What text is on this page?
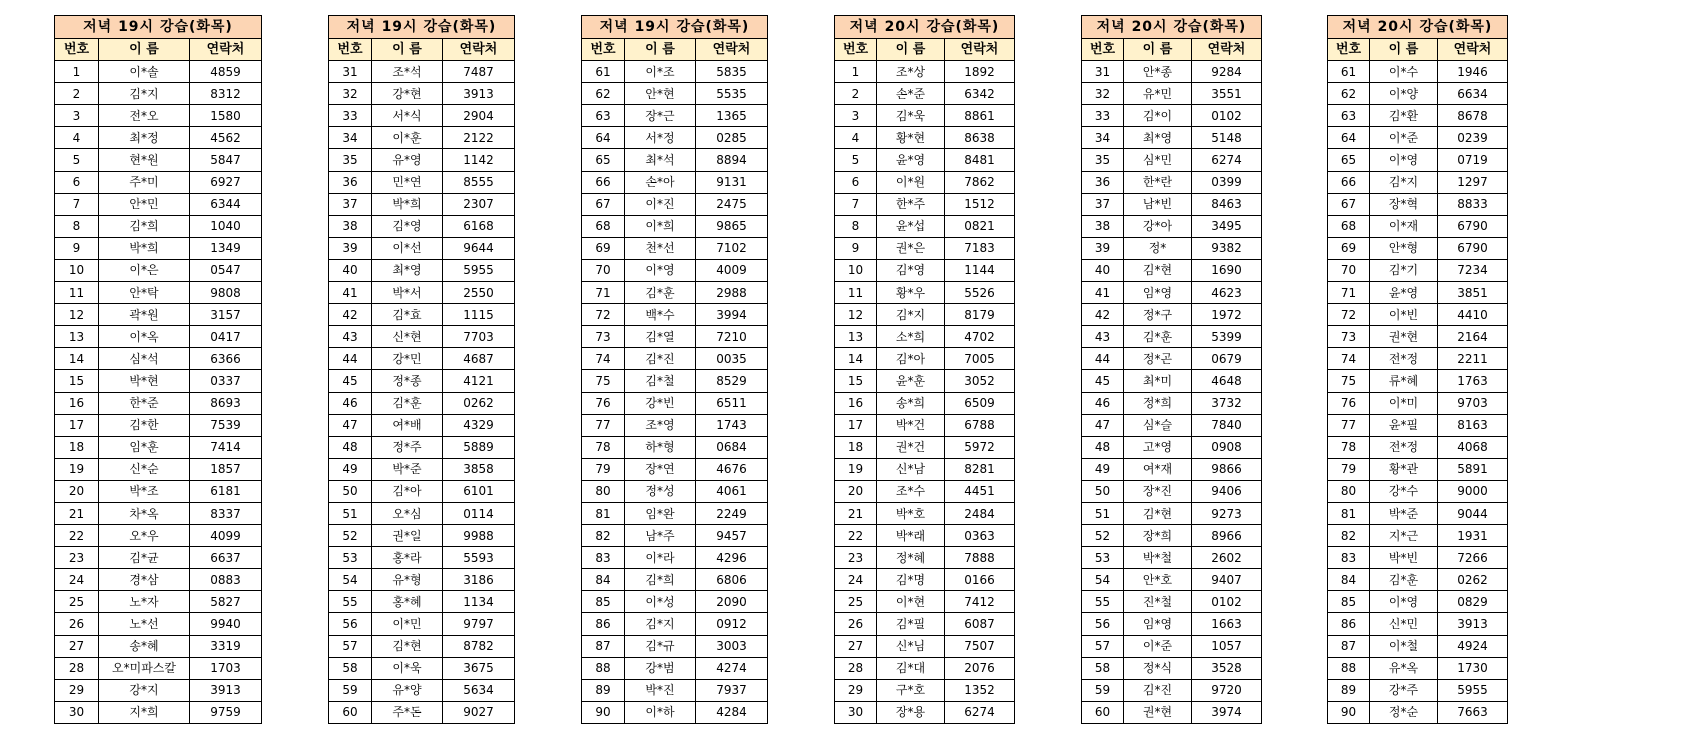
저녁 19시 강습(화목)		
번호	이 름	연락처
1	이*솔	4859
2	김*지	8312
3	전*오	1580
4	최*정	4562
5	현*원	5847
6	주*미	6927
7	안*민	6344
8	김*희	1040
9	박*희	1349
10	이*은	0547
11	안*탁	9808
12	곽*원	3157
13	이*옥	0417
14	심*석	6366
15	박*현	0337
16	한*준	8693
17	김*한	7539
18	임*훈	7414
19	신*순	1857
20	박*조	6181
21	차*옥	8337
22	오*우	4099
23	김*균	6637
24	경*삼	0883
25	노*자	5827
26	노*선	9940
27	송*혜	3319
28	오*미파스칼	1703
29	강*지	3913
30	지*희	9759
저녁 19시 강습(화목)		
번호	이 름	연락처
31	조*석	7487
32	강*현	3913
33	서*식	2904
34	이*훈	2122
35	유*영	1142
36	민*연	8555
37	박*희	2307
38	김*영	6168
39	이*선	9644
40	최*영	5955
41	박*서	2550
42	김*효	1115
43	신*현	7703
44	강*민	4687
45	정*종	4121
46	김*훈	0262
47	여*배	4329
48	정*주	5889
49	박*준	3858
50	김*아	6101
51	오*심	0114
52	권*일	9988
53	홍*라	5593
54	유*형	3186
55	홍*혜	1134
56	이*민	9797
57	김*현	8782
58	이*욱	3675
59	유*양	5634
60	주*돈	9027
저녁 19시 강습(화목)		
번호	이 름	연락처
61	이*조	5835
62	안*현	5535
63	장*근	1365
64	서*정	0285
65	최*석	8894
66	손*아	9131
67	이*진	2475
68	이*희	9865
69	천*선	7102
70	이*영	4009
71	김*훈	2988
72	백*수	3994
73	김*열	7210
74	김*진	0035
75	김*철	8529
76	강*빈	6511
77	조*영	1743
78	하*형	0684
79	장*연	4676
80	정*성	4061
81	임*완	2249
82	남*주	9457
83	이*라	4296
84	김*희	6806
85	이*성	2090
86	김*지	0912
87	김*규	3003
88	강*범	4274
89	박*진	7937
90	이*하	4284
저녁 20시 강습(화목)		
번호	이 름	연락처
1	조*상	1892
2	손*준	6342
3	김*욱	8861
4	황*현	8638
5	윤*영	8481
6	이*원	7862
7	한*주	1512
8	윤*섭	0821
9	권*은	7183
10	김*영	1144
11	황*우	5526
12	김*지	8179
13	소*희	4702
14	김*아	7005
15	윤*훈	3052
16	송*희	6509
17	박*건	6788
18	권*건	5972
19	신*남	8281
20	조*수	4451
21	박*호	2484
22	박*래	0363
23	정*혜	7888
24	김*명	0166
25	이*현	7412
26	김*필	6087
27	신*님	7507
28	김*대	2076
29	구*호	1352
30	장*용	6274
저녁 20시 강습(화목)		
번호	이 름	연락처
31	안*종	9284
32	유*민	3551
33	김*이	0102
34	최*영	5148
35	심*민	6274
36	한*란	0399
37	남*빈	8463
38	강*아	3495
39	정*	9382
40	김*현	1690
41	임*영	4623
42	정*구	1972
43	김*훈	5399
44	정*곤	0679
45	최*미	4648
46	정*희	3732
47	심*슬	7840
48	고*영	0908
49	여*재	9866
50	장*진	9406
51	김*현	9273
52	장*희	8966
53	박*철	2602
54	안*호	9407
55	진*철	0102
56	임*영	1663
57	이*준	1057
58	정*식	3528
59	김*진	9720
60	권*현	3974
저녁 20시 강습(화목)		
번호	이 름	연락처
61	이*수	1946
62	이*양	6634
63	김*환	8678
64	이*준	0239
65	이*영	0719
66	김*지	1297
67	장*혁	8833
68	이*재	6790
69	안*형	6790
70	김*기	7234
71	윤*영	3851
72	이*빈	4410
73	권*현	2164
74	전*정	2211
75	류*혜	1763
76	이*미	9703
77	윤*필	8163
78	전*정	4068
79	황*관	5891
80	강*수	9000
81	박*준	9044
82	지*근	1931
83	박*빈	7266
84	김*훈	0262
85	이*영	0829
86	신*민	3913
87	이*철	4924
88	유*옥	1730
89	강*주	5955
90	정*순	7663
